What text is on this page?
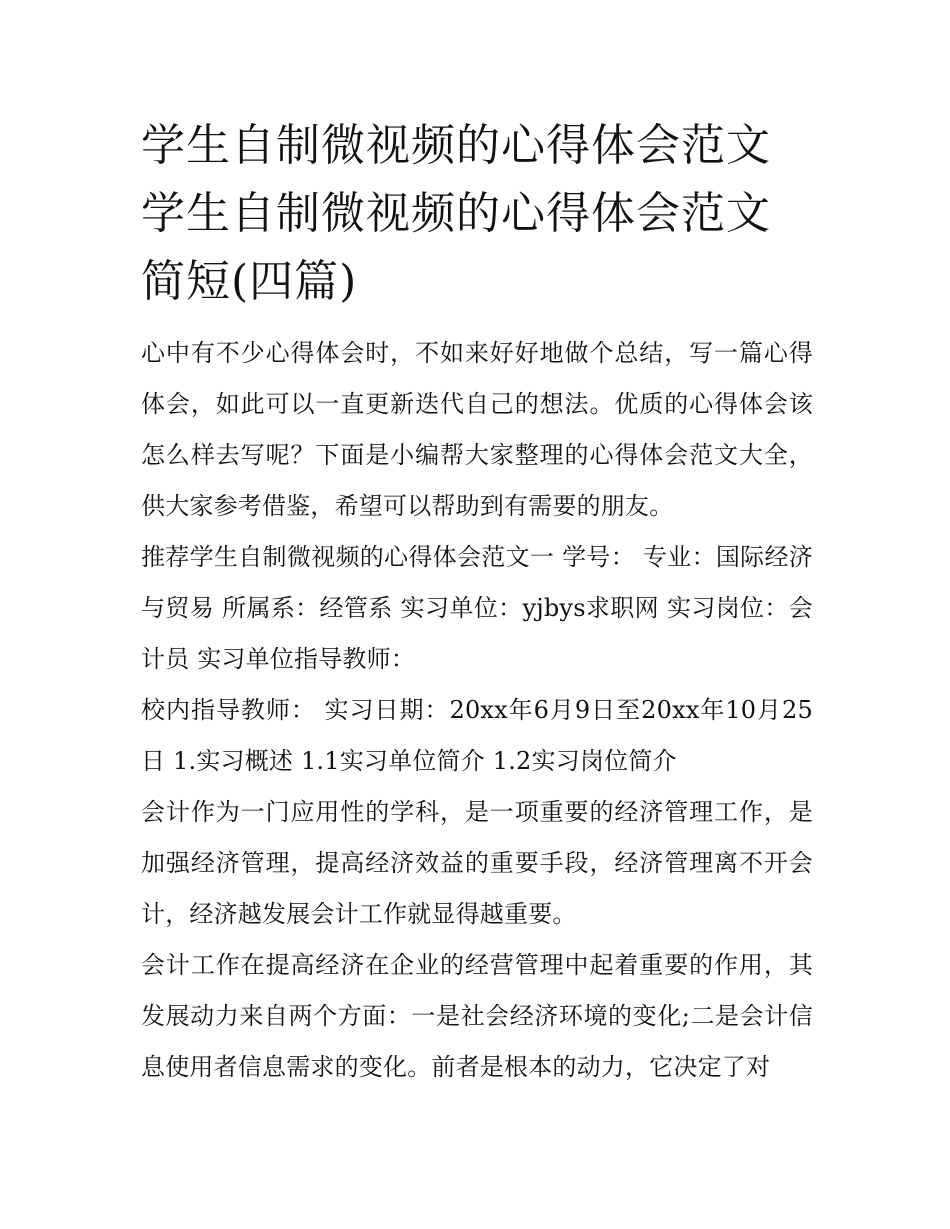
学生自制微视频的心得体会范文 学生自制微视频的心得体会范文简短(四篇)

心中有不少心得体会时，不如来好好地做个总结，写一篇心得体会，如此可以一直更新迭代自己的想法。优质的心得体会该怎么样去写呢？下面是小编帮大家整理的心得体会范文大全，供大家参考借鉴，希望可以帮助到有需要的朋友。

推荐学生自制微视频的心得体会范文一 学号： 专业：国际经济与贸易 所属系：经管系 实习单位：yjbys求职网 实习岗位：会计员 实习单位指导教师：

校内指导教师： 实习日期：20xx年6月9日至20xx年10月25日 1.实习概述 1.1实习单位简介 1.2实习岗位简介

会计作为一门应用性的学科，是一项重要的经济管理工作，是加强经济管理，提高经济效益的重要手段，经济管理离不开会计，经济越发展会计工作就显得越重要。

会计工作在提高经济在企业的经营管理中起着重要的作用，其发展动力来自两个方面：一是社会经济环境的变化;二是会计信息使用者信息需求的变化。前者是根本的动力，它决定了对
